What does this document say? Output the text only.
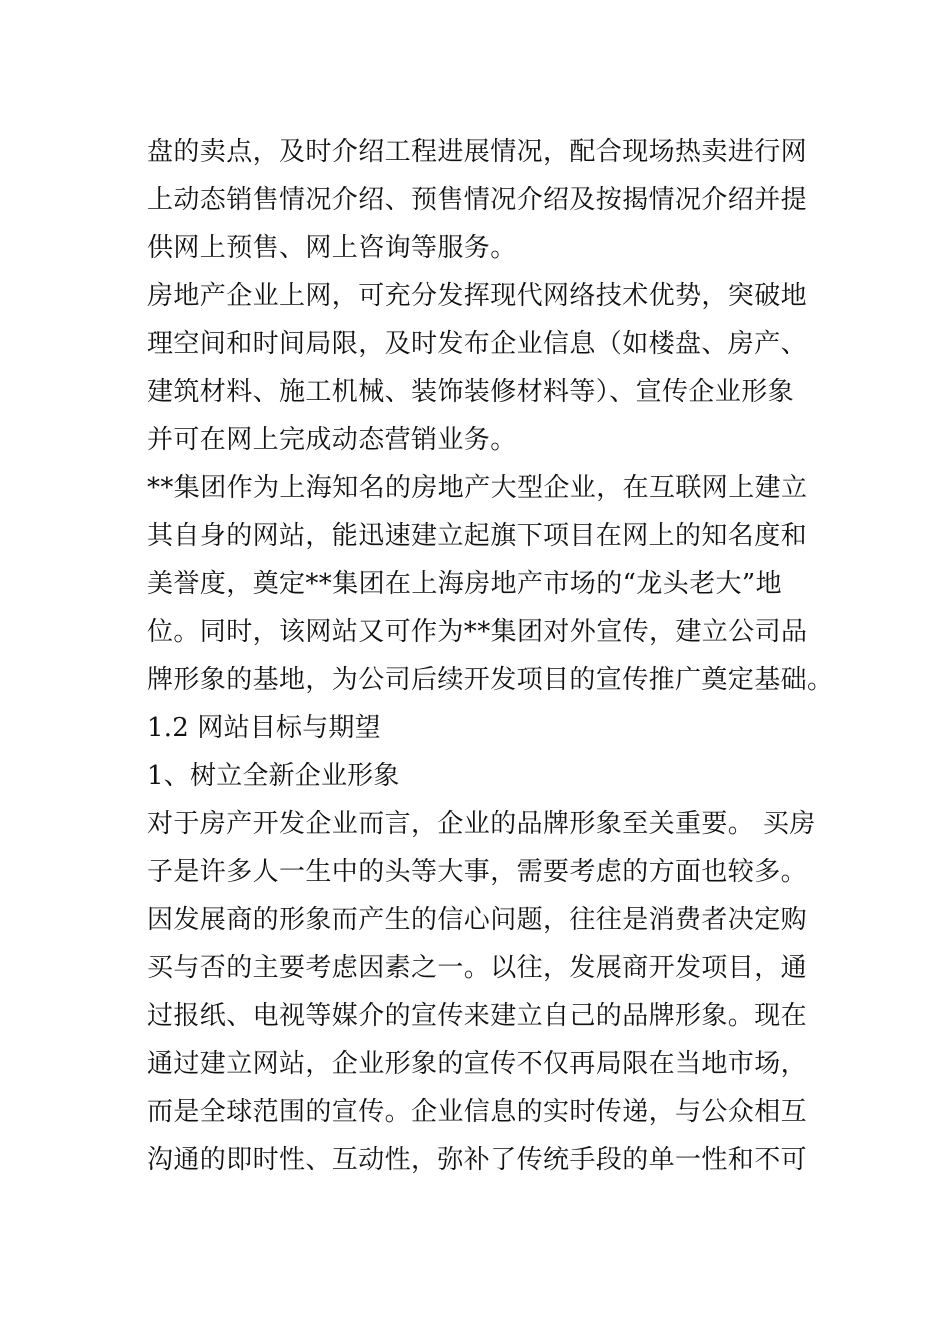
盘的卖点，及时介绍工程进展情况，配合现场热卖进行网
上动态销售情况介绍、预售情况介绍及按揭情况介绍并提
供网上预售、网上咨询等服务。
房地产企业上网，可充分发挥现代网络技术优势，突破地
理空间和时间局限，及时发布企业信息（如楼盘、房产、
建筑材料、施工机械、装饰装修材料等）、宣传企业形象
并可在网上完成动态营销业务。
**集团作为上海知名的房地产大型企业，在互联网上建立
其自身的网站，能迅速建立起旗下项目在网上的知名度和
美誉度，奠定**集团在上海房地产市场的“龙头老大”地
位。同时，该网站又可作为**集团对外宣传，建立公司品
牌形象的基地，为公司后续开发项目的宣传推广奠定基础。
1.2 网站目标与期望
1、树立全新企业形象
对于房产开发企业而言，企业的品牌形象至关重要。 买房
子是许多人一生中的头等大事，需要考虑的方面也较多。
因发展商的形象而产生的信心问题，往往是消费者决定购
买与否的主要考虑因素之一。以往，发展商开发项目，通
过报纸、电视等媒介的宣传来建立自己的品牌形象。现在
通过建立网站，企业形象的宣传不仅再局限在当地市场，
而是全球范围的宣传。企业信息的实时传递，与公众相互
沟通的即时性、互动性，弥补了传统手段的单一性和不可
